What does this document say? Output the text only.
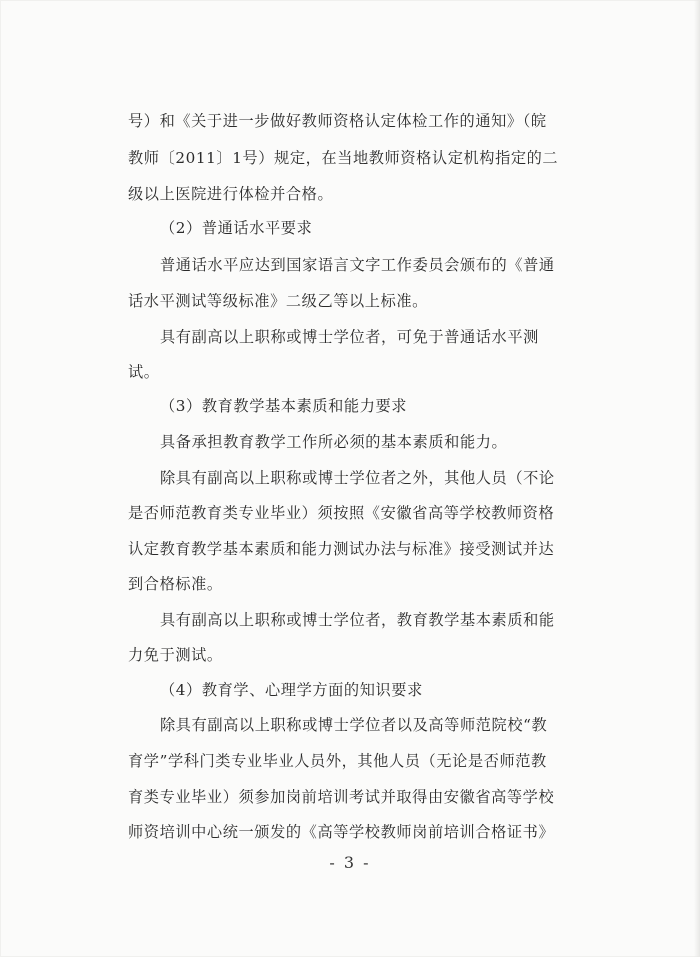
号）和《关于进一步做好教师资格认定体检工作的通知》（皖
教师〔2011〕1号）规定，在当地教师资格认定机构指定的二
级以上医院进行体检并合格。
（2）普通话水平要求
普通话水平应达到国家语言文字工作委员会颁布的《普通
话水平测试等级标准》二级乙等以上标准。
具有副高以上职称或博士学位者，可免于普通话水平测
试。
（3）教育教学基本素质和能力要求
具备承担教育教学工作所必须的基本素质和能力。
除具有副高以上职称或博士学位者之外，其他人员（不论
是否师范教育类专业毕业）须按照《安徽省高等学校教师资格
认定教育教学基本素质和能力测试办法与标准》接受测试并达
到合格标准。
具有副高以上职称或博士学位者，教育教学基本素质和能
力免于测试。
（4）教育学、心理学方面的知识要求
除具有副高以上职称或博士学位者以及高等师范院校“教
育学”学科门类专业毕业人员外，其他人员（无论是否师范教
育类专业毕业）须参加岗前培训考试并取得由安徽省高等学校
师资培训中心统一颁发的《高等学校教师岗前培训合格证书》
- 3 -
